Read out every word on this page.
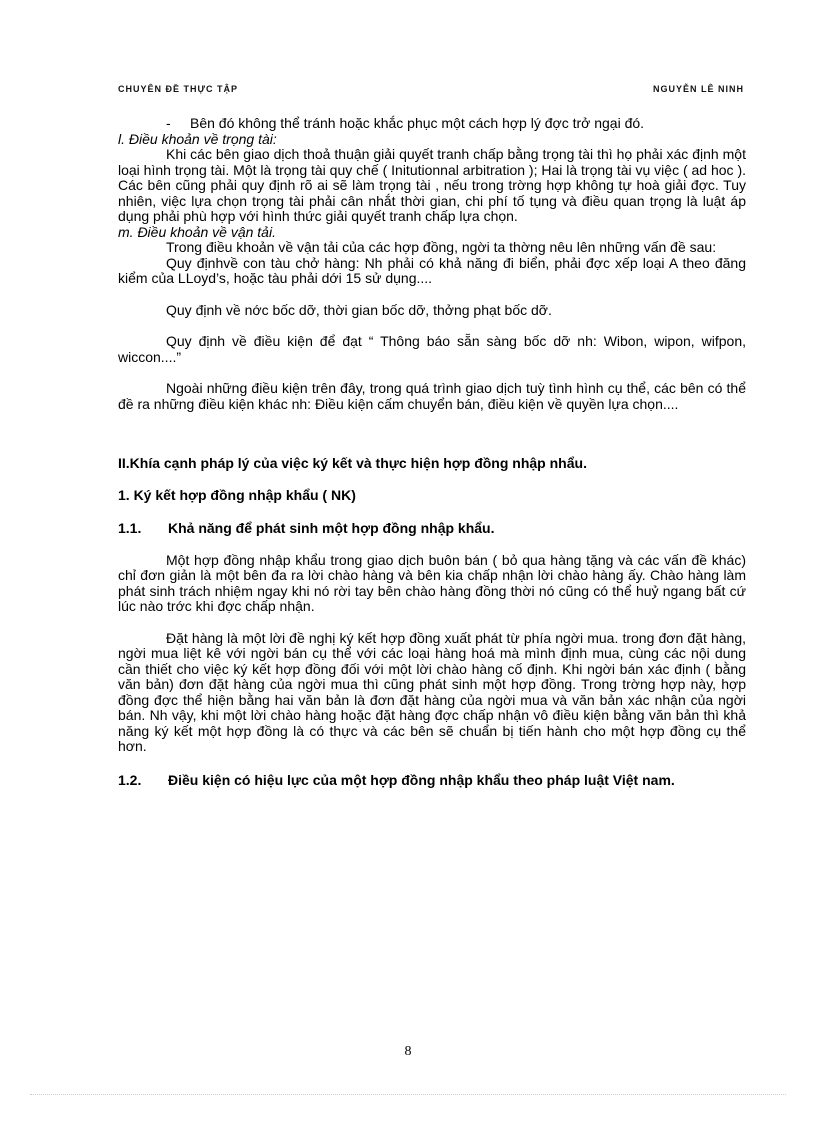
CHUYÊN ĐỀ THỰC TẬP	NGUYỄN LÊ NINH
-	Bên đó không thể tránh hoặc khắc phục một cách hợp lý đợc trở ngại đó.

l. Điều khoản về trọng tài:

Khi các bên giao dịch thoả thuận giải quyết tranh chấp bằng trọng tài thì họ phải xác định một loại hình trọng tài. Một là trọng tài quy chế ( Initutionnal arbitration ); Hai là trọng tài vụ việc ( ad hoc ). Các bên cũng phải quy định rõ ai sẽ làm trọng tài , nếu trong trờng hợp không tự hoà giải đợc. Tuy nhiên, việc lựa chọn trọng tài phải cân nhắt thời gian, chi phí tố tụng và điều quan trọng là luật áp dụng phải phù hợp với hình thức giải quyết tranh chấp lựa chọn.

m. Điều khoản về vận tải.

Trong điều khoản về vận tải của các hợp đồng, ngời ta thờng nêu lên những vấn đề sau:

Quy địnhvề con tàu chở hàng: Nh phải có khả năng đi biển, phải đợc xếp loại A theo đăng kiểm của LLoyd’s, hoặc tàu phải dới 15 sử dụng....

Quy định về nớc bốc dỡ, thời gian bốc dỡ, thởng phạt bốc dỡ.

Quy định về điều kiện để đạt “ Thông báo sẵn sàng bốc dỡ nh: Wibon, wipon, wifpon, wiccon....”

Ngoài những điều kiện trên đây, trong quá trình giao dịch tuỳ tình hình cụ thể, các bên có thể đề ra những điều kiện khác nh: Điều kiện cấm chuyển bán, điều kiện về quyền lựa chọn....

II.Khía cạnh pháp lý của việc ký kết và thực hiện hợp đồng nhập nhẩu.

1. Ký kết hợp đồng nhập khẩu ( NK)

1.1.	Khả năng để phát sinh một hợp đồng nhập khẩu.

Một hợp đồng nhập khẩu trong giao dịch buôn bán ( bỏ qua hàng tặng và các vấn đề khác) chỉ đơn giản là một bên đa ra lời chào hàng và bên kia chấp nhận lời chào hàng ấy. Chào hàng làm phát sinh trách nhiệm ngay khi nó rời tay bên chào hàng đồng thời nó cũng có thể huỷ ngang bất cứ lúc nào trớc khi đợc chấp nhận.

Đặt hàng là một lời đề nghị ký kết hợp đồng xuất phát từ phía ngời mua. trong đơn đặt hàng, ngời mua liệt kê với ngời bán cụ thể với các loại hàng hoá mà mình định mua, cùng các nội dung cần thiết cho việc ký kết hợp đồng đối với một lời chào hàng cố định. Khi ngời bán xác định ( bằng văn bản) đơn đặt hàng của ngời mua thì cũng phát sinh một hợp đồng. Trong trờng hợp này, hợp đồng đợc thể hiện bằng hai văn bản là đơn đặt hàng của ngời mua và văn bản xác nhận của ngời bán. Nh vậy, khi một lời chào hàng hoặc đặt hàng đợc chấp nhận vô điều kiện bằng văn bản thì khả năng ký kết một hợp đồng là có thực và các bên sẽ chuẩn bị tiến hành cho một hợp đồng cụ thể hơn.

1.2.	Điều kiện có hiệu lực của một hợp đồng nhập khẩu theo pháp luật Việt nam.
8
